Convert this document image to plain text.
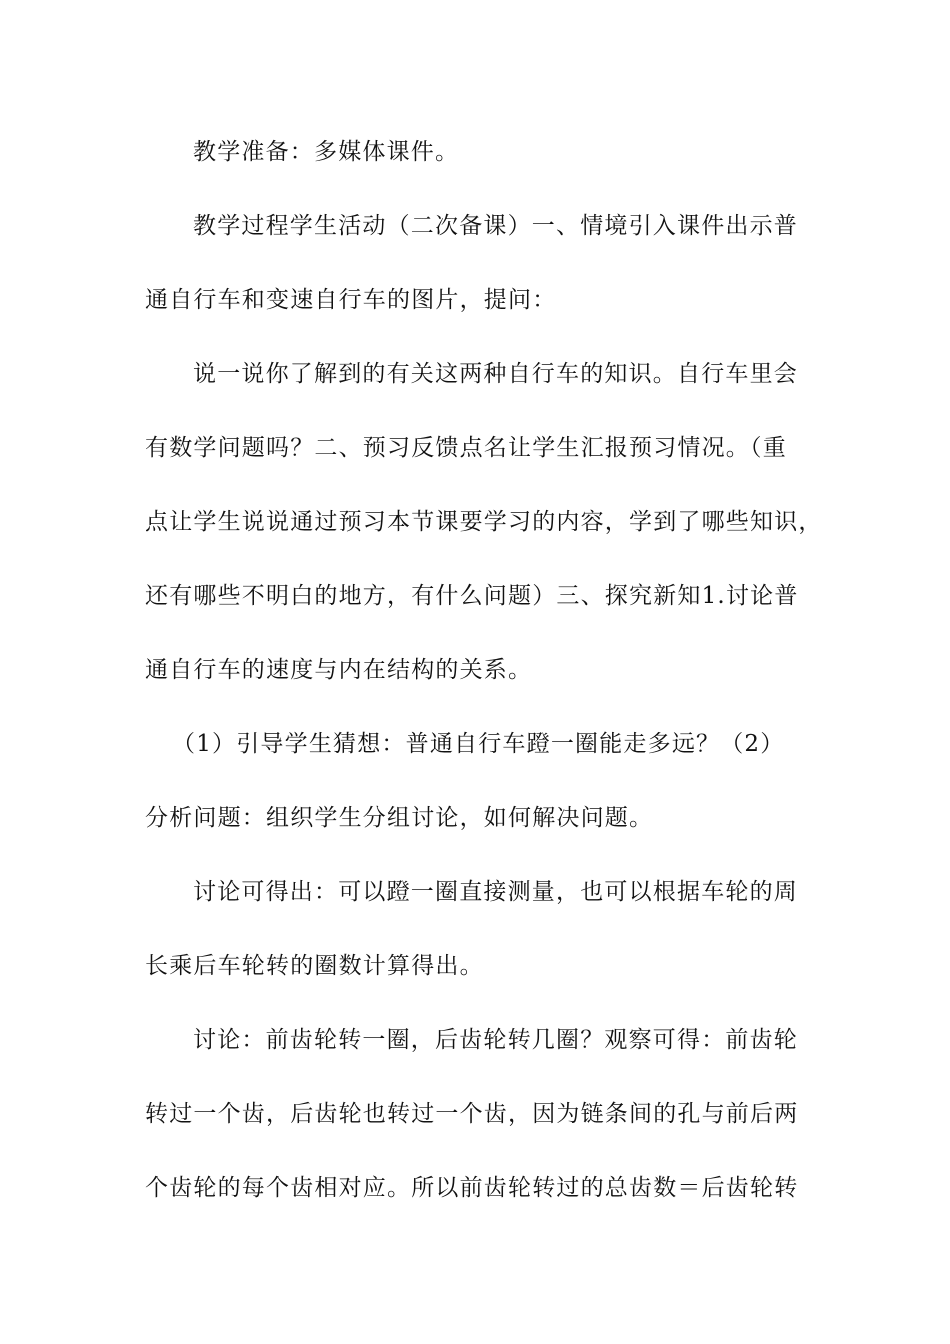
教学准备：多媒体课件。
教学过程学生活动（二次备课）一、情境引入课件出示普
通自行车和变速自行车的图片，提问：
说一说你了解到的有关这两种自行车的知识。自行车里会
有数学问题吗？二、预习反馈点名让学生汇报预习情况。（重
点让学生说说通过预习本节课要学习的内容，学到了哪些知识，
还有哪些不明白的地方，有什么问题）三、探究新知1.讨论普
通自行车的速度与内在结构的关系。
（1）引导学生猜想：普通自行车蹬一圈能走多远？（2）
分析问题：组织学生分组讨论，如何解决问题。
讨论可得出：可以蹬一圈直接测量，也可以根据车轮的周
长乘后车轮转的圈数计算得出。
讨论：前齿轮转一圈，后齿轮转几圈？观察可得：前齿轮
转过一个齿，后齿轮也转过一个齿，因为链条间的孔与前后两
个齿轮的每个齿相对应。所以前齿轮转过的总齿数＝后齿轮转
